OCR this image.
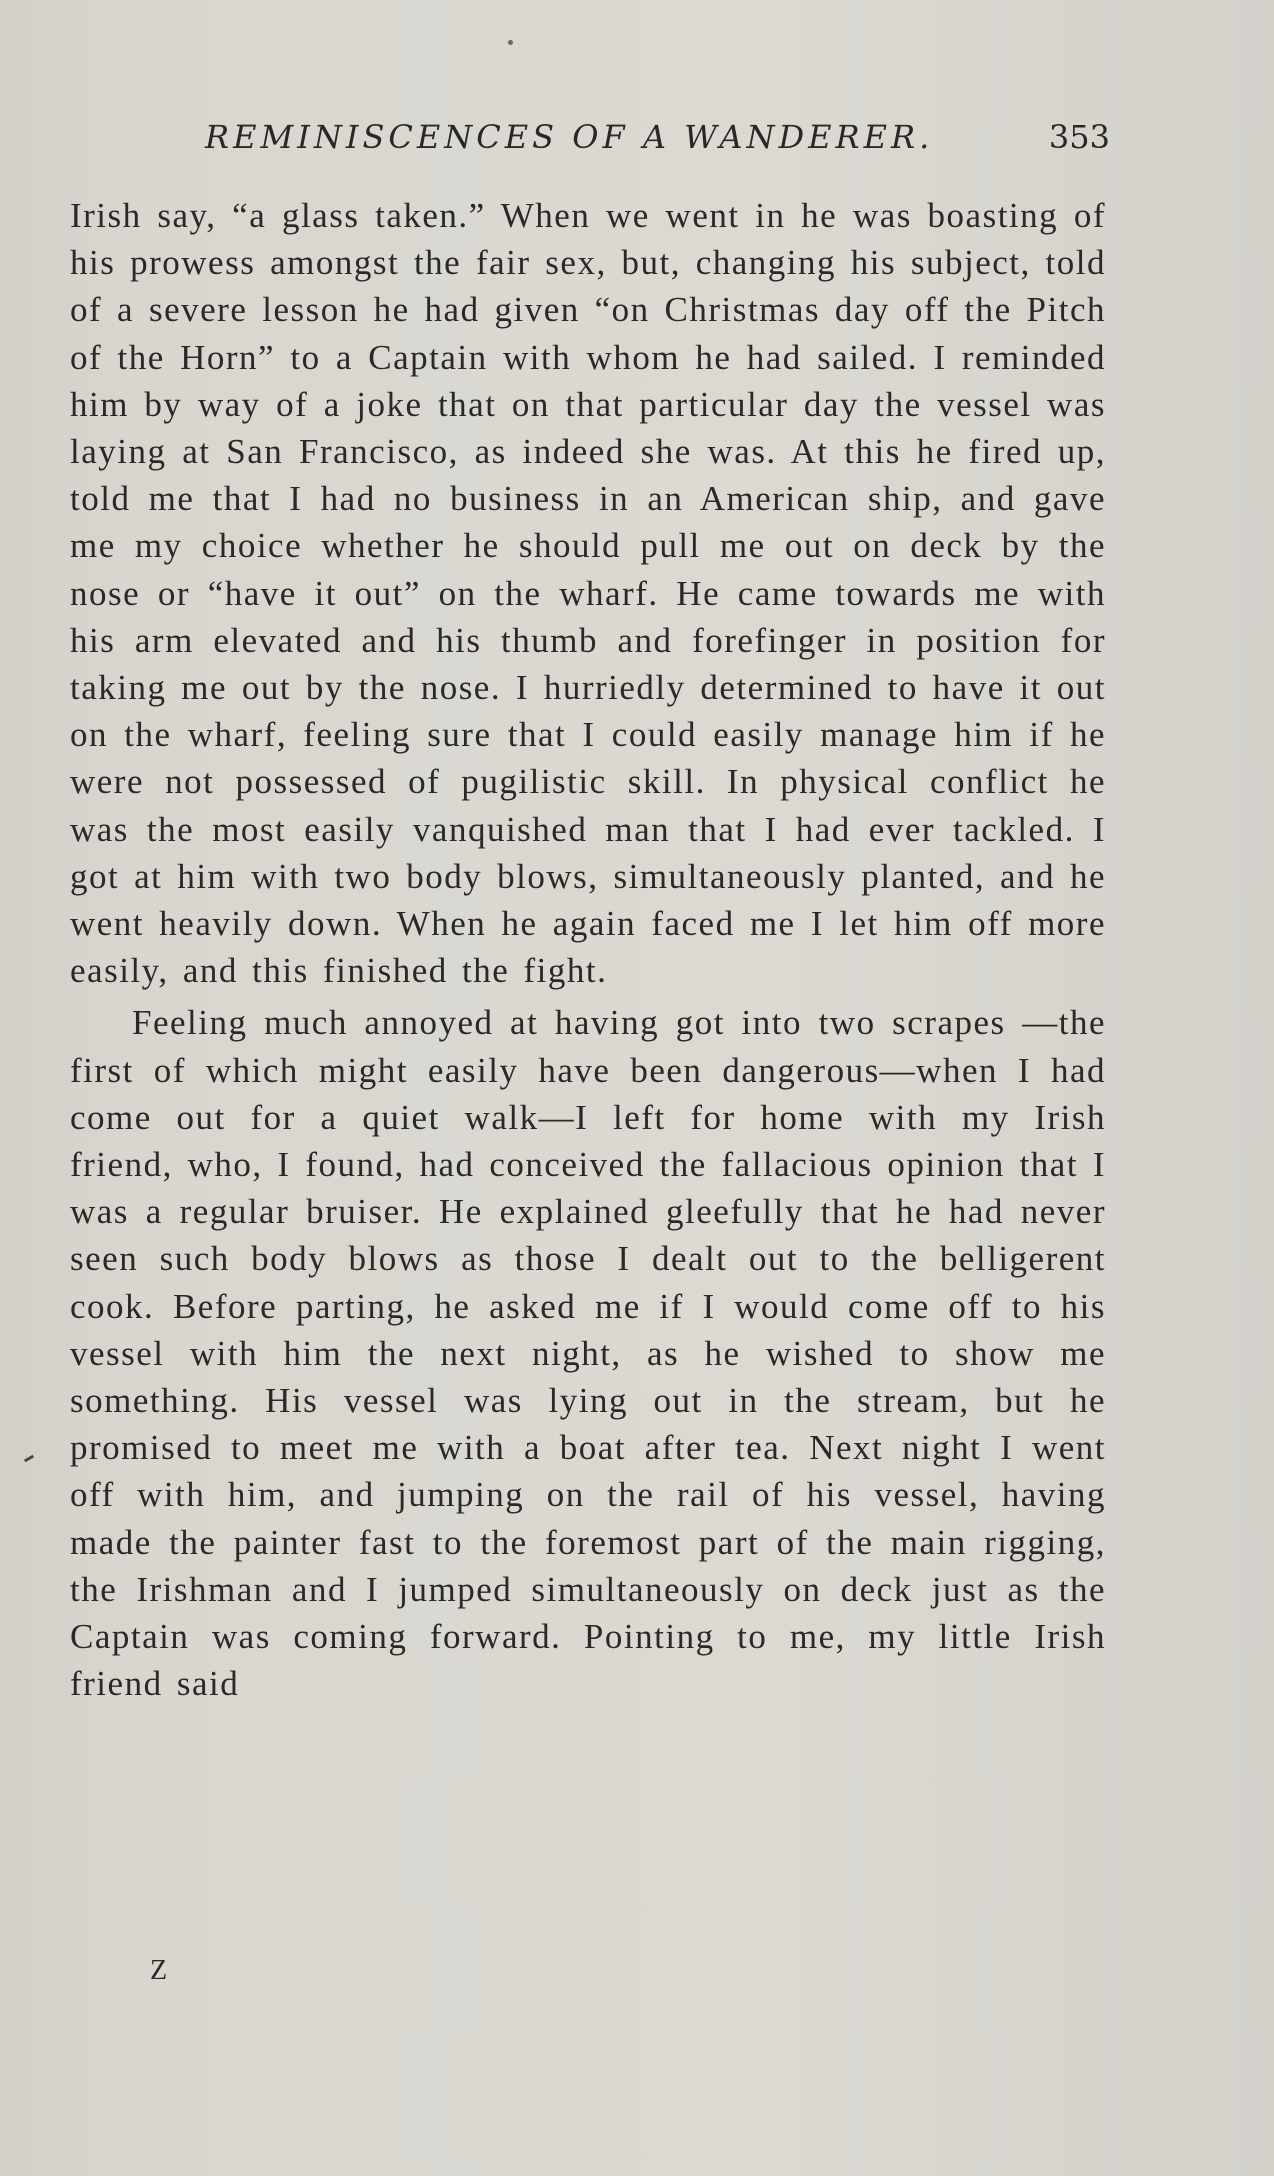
REMINISCENCES OF A WANDERER.	353

Irish say, “a glass taken.” When we went in he was boasting of his prowess amongst the fair sex, but, changing his subject, told of a severe lesson he had given “on Christmas day off the Pitch of the Horn” to a Captain with whom he had sailed. I reminded him by way of a joke that on that particular day the vessel was laying at San Francisco, as indeed she was. At this he fired up, told me that I had no business in an American ship, and gave me my choice whether he should pull me out on deck by the nose or “have it out” on the wharf. He came towards me with his arm elevated and his thumb and forefinger in position for taking me out by the nose. I hurriedly determined to have it out on the wharf, feeling sure that I could easily manage him if he were not possessed of pugilistic skill. In physical conflict he was the most easily vanquished man that I had ever tackled. I got at him with two body blows, simultaneously planted, and he went heavily down. When he again faced me I let him off more easily, and this finished the fight.

Feeling much annoyed at having got into two scrapes —the first of which might easily have been dangerous—when I had come out for a quiet walk—I left for home with my Irish friend, who, I found, had conceived the fallacious opinion that I was a regular bruiser. He explained gleefully that he had never seen such body blows as those I dealt out to the belligerent cook. Before parting, he asked me if I would come off to his vessel with him the next night, as he wished to show me something. His vessel was lying out in the stream, but he promised to meet me with a boat after tea. Next night I went off with him, and jumping on the rail of his vessel, having made the painter fast to the foremost part of the main rigging, the Irishman and I jumped simultaneously on deck just as the Captain was coming forward. Pointing to me, my little Irish friend said

Z
